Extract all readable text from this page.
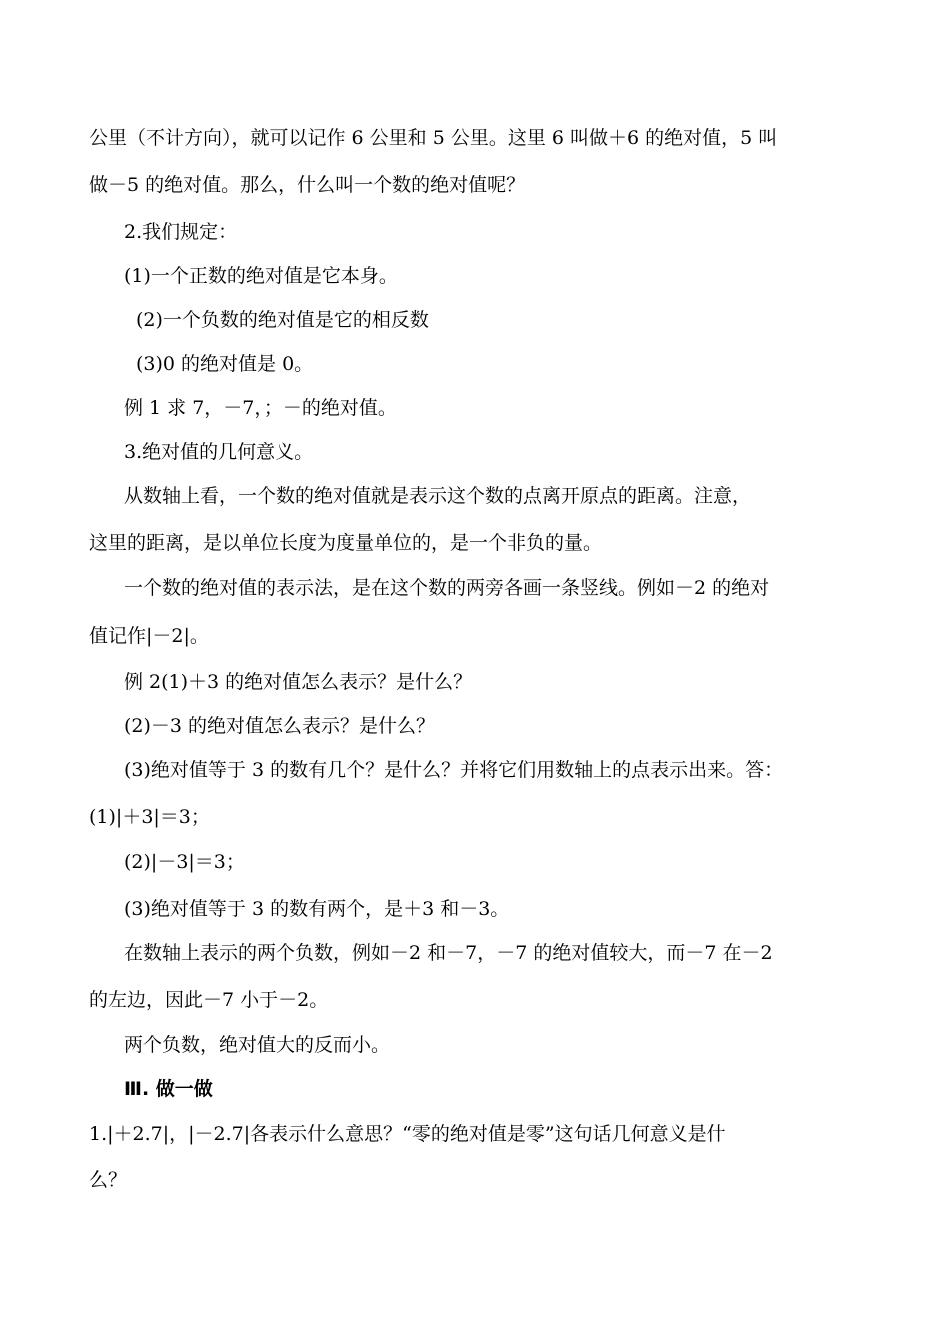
公里（不计方向），就可以记作 6 公里和 5 公里。这里 6 叫做＋6 的绝对值，5 叫
做－5 的绝对值。那么，什么叫一个数的绝对值呢？
2.我们规定：
(1)一个正数的绝对值是它本身。
(2)一个负数的绝对值是它的相反数
(3)0 的绝对值是 0。
例 1 求 7，－7，；－的绝对值。
3.绝对值的几何意义。
从数轴上看，一个数的绝对值就是表示这个数的点离开原点的距离。注意，
这里的距离，是以单位长度为度量单位的，是一个非负的量。
一个数的绝对值的表示法，是在这个数的两旁各画一条竖线。例如－2 的绝对
值记作|－2|。
例 2(1)＋3 的绝对值怎么表示？是什么？
(2)－3 的绝对值怎么表示？是什么？
(3)绝对值等于 3 的数有几个？是什么？并将它们用数轴上的点表示出来。答：
(1)|＋3|＝3；
(2)|－3|＝3；
(3)绝对值等于 3 的数有两个，是＋3 和－3。
在数轴上表示的两个负数，例如－2 和－7，－7 的绝对值较大，而－7 在－2
的左边，因此－7 小于－2。
两个负数，绝对值大的反而小。
Ⅲ. 做一做
1.|＋2.7|，|－2.7|各表示什么意思？“零的绝对值是零”这句话几何意义是什
么？
